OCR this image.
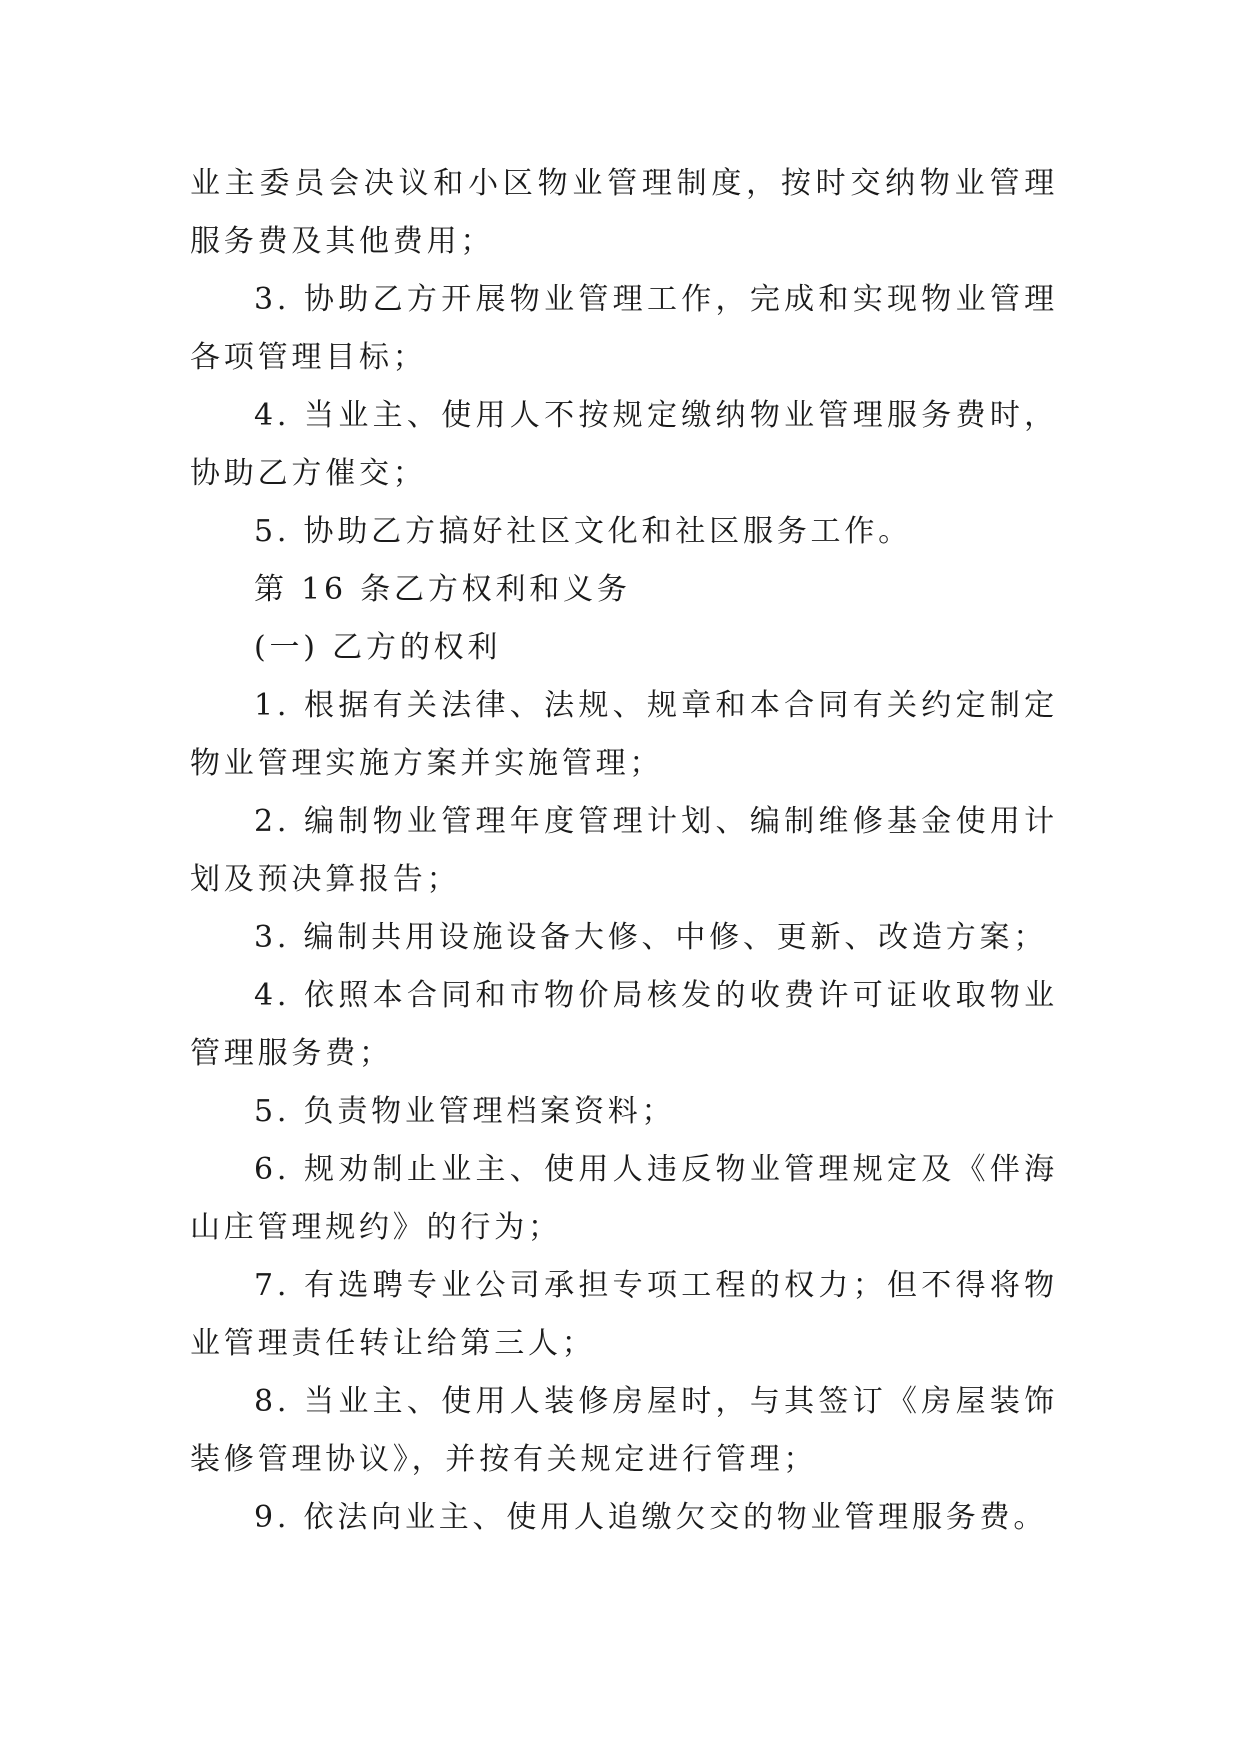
业主委员会决议和小区物业管理制度，按时交纳物业管理服务费及其他费用；

3. 协助乙方开展物业管理工作，完成和实现物业管理各项管理目标；

4. 当业主、使用人不按规定缴纳物业管理服务费时，协助乙方催交；

5. 协助乙方搞好社区文化和社区服务工作。

第 16 条乙方权利和义务

(一) 乙方的权利

1. 根据有关法律、法规、规章和本合同有关约定制定物业管理实施方案并实施管理；

2. 编制物业管理年度管理计划、编制维修基金使用计划及预决算报告；

3. 编制共用设施设备大修、中修、更新、改造方案；

4. 依照本合同和市物价局核发的收费许可证收取物业管理服务费；

5. 负责物业管理档案资料；

6. 规劝制止业主、使用人违反物业管理规定及《伴海山庄管理规约》的行为；

7. 有选聘专业公司承担专项工程的权力；但不得将物业管理责任转让给第三人；

8. 当业主、使用人装修房屋时，与其签订《房屋装饰装修管理协议》，并按有关规定进行管理；

9. 依法向业主、使用人追缴欠交的物业管理服务费。
